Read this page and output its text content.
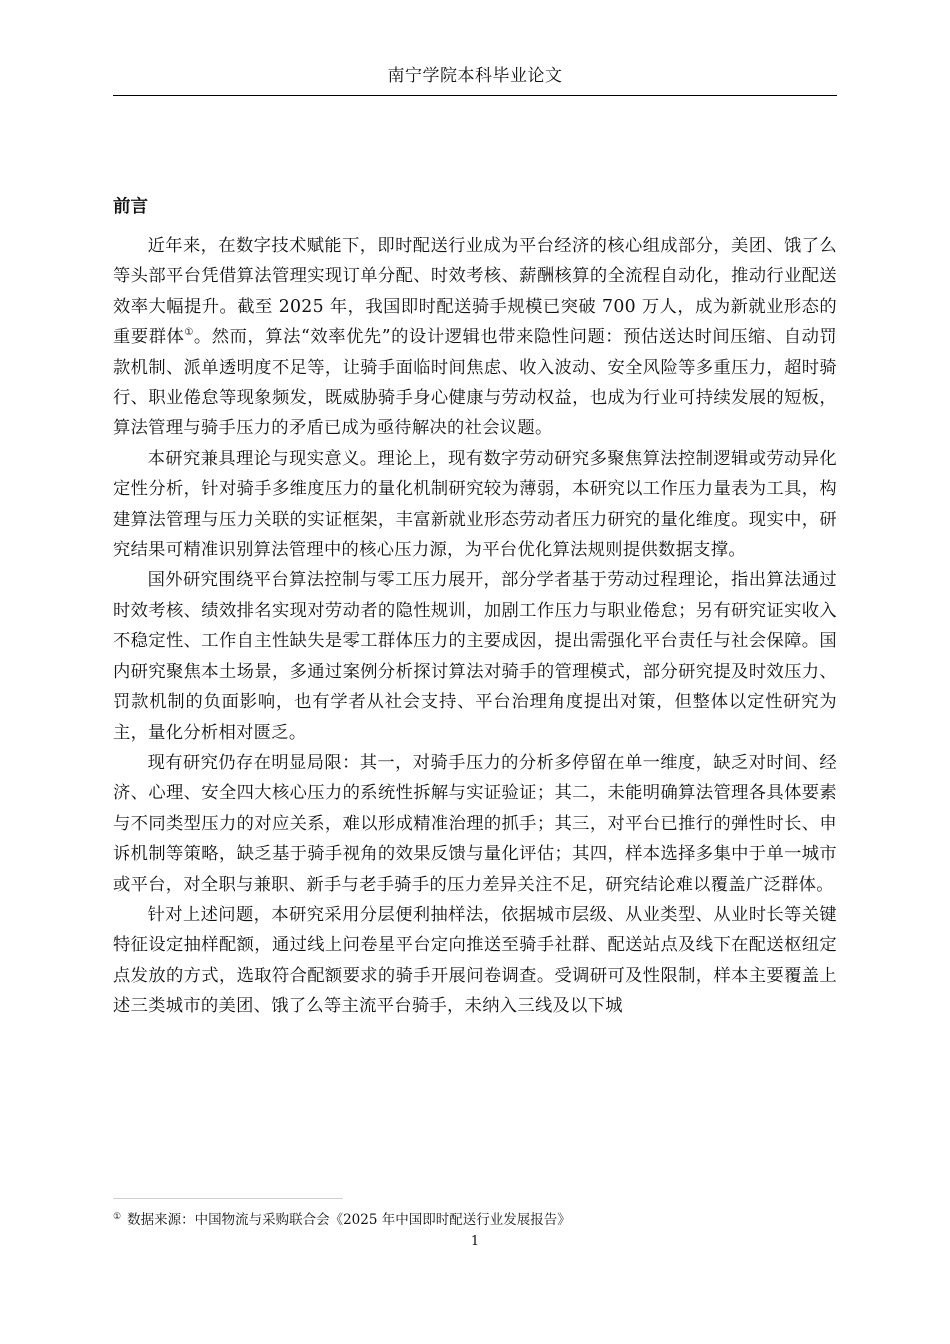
南宁学院本科毕业论文
前言

近年来，在数字技术赋能下，即时配送行业成为平台经济的核心组成部分，美团、饿了么等头部平台凭借算法管理实现订单分配、时效考核、薪酬核算的全流程自动化，推动行业配送效率大幅提升。截至 2025 年，我国即时配送骑手规模已突破 700 万人，成为新就业形态的重要群体①。然而，算法“效率优先”的设计逻辑也带来隐性问题：预估送达时间压缩、自动罚款机制、派单透明度不足等，让骑手面临时间焦虑、收入波动、安全风险等多重压力，超时骑行、职业倦怠等现象频发，既威胁骑手身心健康与劳动权益，也成为行业可持续发展的短板，算法管理与骑手压力的矛盾已成为亟待解决的社会议题。

本研究兼具理论与现实意义。理论上，现有数字劳动研究多聚焦算法控制逻辑或劳动异化定性分析，针对骑手多维度压力的量化机制研究较为薄弱，本研究以工作压力量表为工具，构建算法管理与压力关联的实证框架，丰富新就业形态劳动者压力研究的量化维度。现实中，研究结果可精准识别算法管理中的核心压力源，为平台优化算法规则提供数据支撑。

国外研究围绕平台算法控制与零工压力展开，部分学者基于劳动过程理论，指出算法通过时效考核、绩效排名实现对劳动者的隐性规训，加剧工作压力与职业倦怠；另有研究证实收入不稳定性、工作自主性缺失是零工群体压力的主要成因，提出需强化平台责任与社会保障。国内研究聚焦本土场景，多通过案例分析探讨算法对骑手的管理模式，部分研究提及时效压力、罚款机制的负面影响，也有学者从社会支持、平台治理角度提出对策，但整体以定性研究为主，量化分析相对匮乏。

现有研究仍存在明显局限：其一，对骑手压力的分析多停留在单一维度，缺乏对时间、经济、心理、安全四大核心压力的系统性拆解与实证验证；其二，未能明确算法管理各具体要素与不同类型压力的对应关系，难以形成精准治理的抓手；其三，对平台已推行的弹性时长、申诉机制等策略，缺乏基于骑手视角的效果反馈与量化评估；其四，样本选择多集中于单一城市或平台，对全职与兼职、新手与老手骑手的压力差异关注不足，研究结论难以覆盖广泛群体。

针对上述问题，本研究采用分层便利抽样法，依据城市层级、从业类型、从业时长等关键特征设定抽样配额，通过线上问卷星平台定向推送至骑手社群、配送站点及线下在配送枢纽定点发放的方式，选取符合配额要求的骑手开展问卷调查。受调研可及性限制，样本主要覆盖上述三类城市的美团、饿了么等主流平台骑手，未纳入三线及以下城

① 数据来源：中国物流与采购联合会《2025 年中国即时配送行业发展报告》
1
